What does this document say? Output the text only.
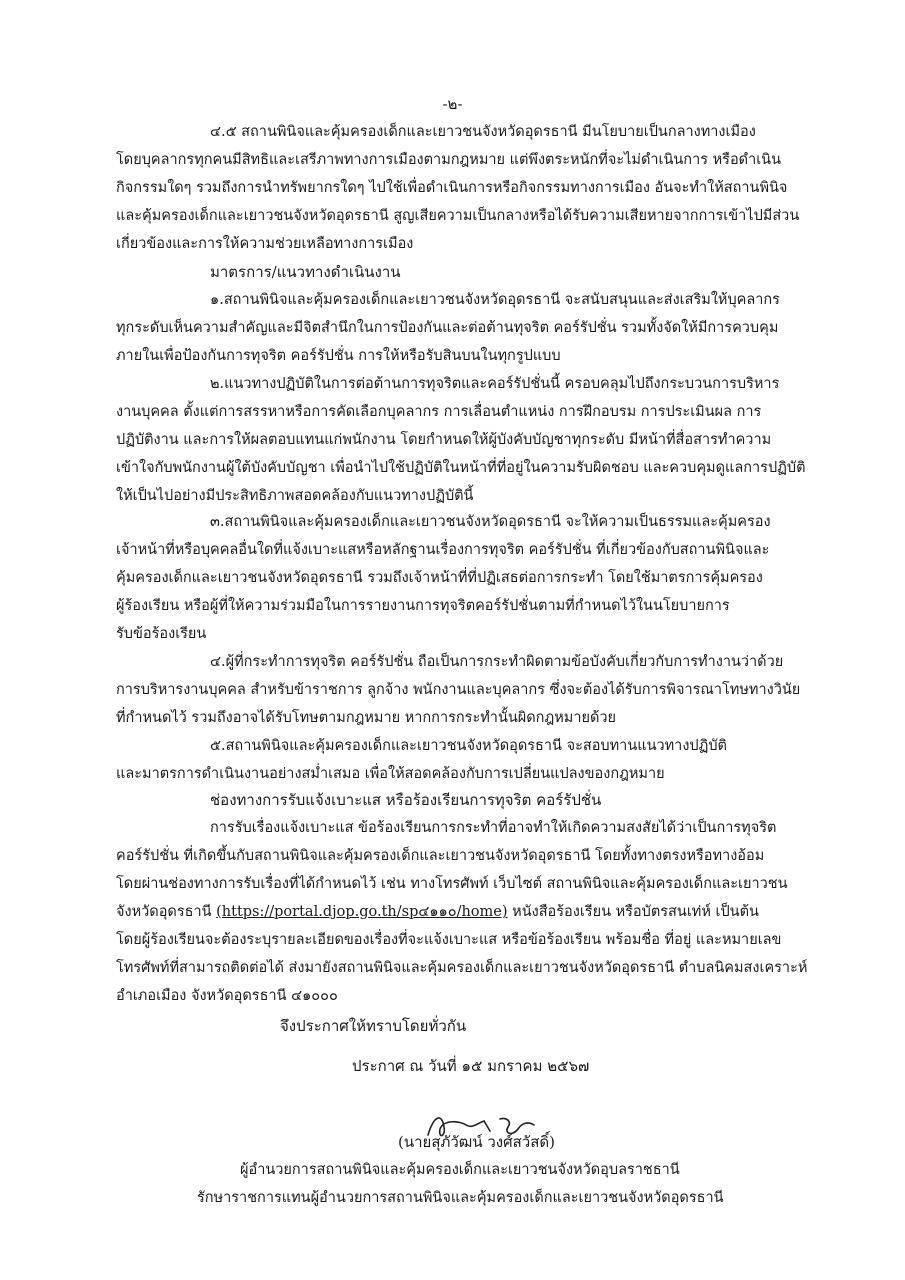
-๒-
๔.๕ สถานพินิจและคุ้มครองเด็กและเยาวชนจังหวัดอุดรธานี มีนโยบายเป็นกลางทางเมือง
โดยบุคลากรทุกคนมีสิทธิและเสรีภาพทางการเมืองตามกฎหมาย แต่พึงตระหนักที่จะไม่ดำเนินการ หรือดำเนิน
กิจกรรมใดๆ รวมถึงการนำทรัพยากรใดๆ ไปใช้เพื่อดำเนินการหรือกิจกรรมทางการเมือง อันจะทำให้สถานพินิจ
และคุ้มครองเด็กและเยาวชนจังหวัดอุดรธานี สูญเสียความเป็นกลางหรือได้รับความเสียหายจากการเข้าไปมีส่วน
เกี่ยวข้องและการให้ความช่วยเหลือทางการเมือง
มาตรการ/แนวทางดำเนินงาน
๑.สถานพินิจและคุ้มครองเด็กและเยาวชนจังหวัดอุดรธานี จะสนับสนุนและส่งเสริมให้บุคลากร
ทุกระดับเห็นความสำคัญและมีจิตสำนึกในการป้องกันและต่อต้านทุจริต คอร์รัปชั่น รวมทั้งจัดให้มีการควบคุม
ภายในเพื่อป้องกันการทุจริต คอร์รัปชั่น การให้หรือรับสินบนในทุกรูปแบบ
๒.แนวทางปฏิบัติในการต่อต้านการทุจริตและคอร์รัปชั่นนี้ ครอบคลุมไปถึงกระบวนการบริหาร
งานบุคคล ตั้งแต่การสรรหาหรือการคัดเลือกบุคลากร การเลื่อนตำแหน่ง การฝึกอบรม การประเมินผล การ
ปฏิบัติงาน และการให้ผลตอบแทนแก่พนักงาน โดยกำหนดให้ผู้บังคับบัญชาทุกระดับ มีหน้าที่สื่อสารทำความ
เข้าใจกับพนักงานผู้ใต้บังคับบัญชา เพื่อนำไปใช้ปฏิบัติในหน้าที่ที่อยู่ในความรับผิดชอบ และควบคุมดูแลการปฏิบัติ
ให้เป็นไปอย่างมีประสิทธิภาพสอดคล้องกับแนวทางปฏิบัตินี้
๓.สถานพินิจและคุ้มครองเด็กและเยาวชนจังหวัดอุดรธานี จะให้ความเป็นธรรมและคุ้มครอง
เจ้าหน้าที่หรือบุคคลอื่นใดที่แจ้งเบาะแสหรือหลักฐานเรื่องการทุจริต คอร์รัปชั่น ที่เกี่ยวข้องกับสถานพินิจและ
คุ้มครองเด็กและเยาวชนจังหวัดอุดรธานี รวมถึงเจ้าหน้าที่ที่ปฏิเสธต่อการกระทำ โดยใช้มาตรการคุ้มครอง
ผู้ร้องเรียน หรือผู้ที่ให้ความร่วมมือในการรายงานการทุจริตคอร์รัปชั่นตามที่กำหนดไว้ในนโยบายการ
รับข้อร้องเรียน
๔.ผู้ที่กระทำการทุจริต คอร์รัปชั่น ถือเป็นการกระทำผิดตามข้อบังคับเกี่ยวกับการทำงานว่าด้วย
การบริหารงานบุคคล สำหรับข้าราชการ ลูกจ้าง พนักงานและบุคลากร ซึ่งจะต้องได้รับการพิจารณาโทษทางวินัย
ที่กำหนดไว้ รวมถึงอาจได้รับโทษตามกฎหมาย หากการกระทำนั้นผิดกฎหมายด้วย
๕.สถานพินิจและคุ้มครองเด็กและเยาวชนจังหวัดอุดรธานี จะสอบทานแนวทางปฏิบัติ
และมาตรการดำเนินงานอย่างสม่ำเสมอ เพื่อให้สอดคล้องกับการเปลี่ยนแปลงของกฎหมาย
ช่องทางการรับแจ้งเบาะแส หรือร้องเรียนการทุจริต คอร์รัปชั่น
การรับเรื่องแจ้งเบาะแส ข้อร้องเรียนการกระทำที่อาจทำให้เกิดความสงสัยได้ว่าเป็นการทุจริต
คอร์รัปชั่น ที่เกิดขึ้นกับสถานพินิจและคุ้มครองเด็กและเยาวชนจังหวัดอุดรธานี โดยทั้งทางตรงหรือทางอ้อม
โดยผ่านช่องทางการรับเรื่องที่ได้กำหนดไว้ เช่น ทางโทรศัพท์ เว็บไซต์ สถานพินิจและคุ้มครองเด็กและเยาวชน
จังหวัดอุดรธานี (https://portal.djop.go.th/sp๔๑๑๐/home) หนังสือร้องเรียน หรือบัตรสนเท่ห์ เป็นต้น
โดยผู้ร้องเรียนจะต้องระบุรายละเอียดของเรื่องที่จะแจ้งเบาะแส หรือข้อร้องเรียน พร้อมชื่อ ที่อยู่ และหมายเลข
โทรศัพท์ที่สามารถติดต่อได้ ส่งมายังสถานพินิจและคุ้มครองเด็กและเยาวชนจังหวัดอุดรธานี ตำบลนิคมสงเคราะห์
อำเภอเมือง จังหวัดอุดรธานี ๔๑๐๐๐
จึงประกาศให้ทราบโดยทั่วกัน
ประกาศ ณ วันที่ ๑๕ มกราคม ๒๕๖๗
(นายสุภัวัฒน์ วงศ์สวัสดิ์)
ผู้อำนวยการสถานพินิจและคุ้มครองเด็กและเยาวชนจังหวัดอุบลราชธานี
รักษาราชการแทนผู้อำนวยการสถานพินิจและคุ้มครองเด็กและเยาวชนจังหวัดอุดรธานี
